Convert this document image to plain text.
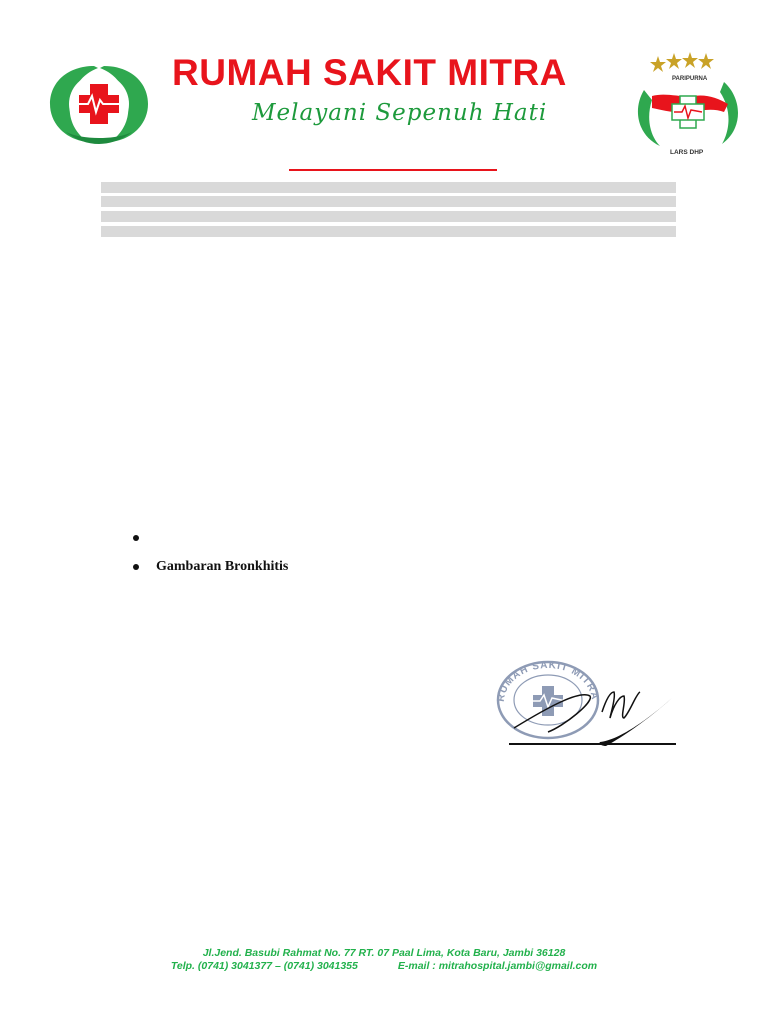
RUMAH SAKIT MITRA
Melayani Sepenuh Hati
PARIPURNA
LARS DHP
Gambaran Bronkhitis
RUMAH SAKIT MITRA
Jl.Jend. Basubi Rahmat No. 77 RT. 07 Paal Lima, Kota Baru, Jambi 36128
Telp. (0741) 3041377 – (0741) 3041355	E-mail : mitrahospital.jambi@gmail.com
